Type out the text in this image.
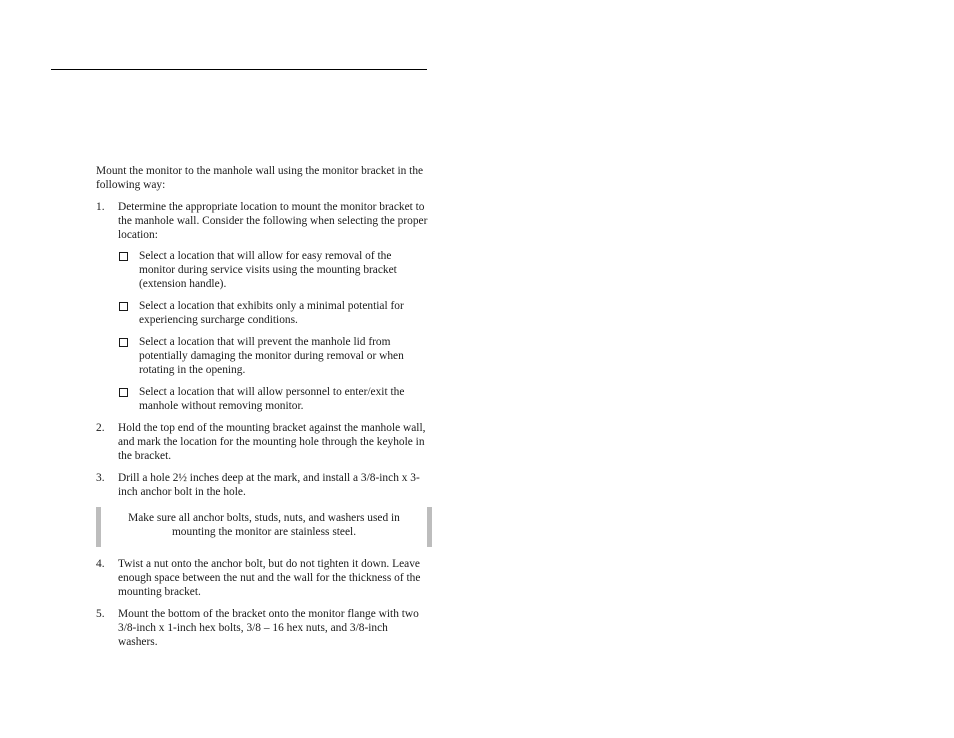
Mount the monitor to the manhole wall using the monitor bracket in the following way:

1. Determine the appropriate location to mount the monitor bracket to the manhole wall. Consider the following when selecting the proper location:
Select a location that will allow for easy removal of the monitor during service visits using the mounting bracket (extension handle).
Select a location that exhibits only a minimal potential for experiencing surcharge conditions.
Select a location that will prevent the manhole lid from potentially damaging the monitor during removal or when rotating in the opening.
Select a location that will allow personnel to enter/exit the manhole without removing monitor.
2. Hold the top end of the mounting bracket against the manhole wall, and mark the location for the mounting hole through the keyhole in the bracket.
3. Drill a hole 2½ inches deep at the mark, and install a 3/8-inch x 3-inch anchor bolt in the hole.
Make sure all anchor bolts, studs, nuts, and washers used in mounting the monitor are stainless steel.
4. Twist a nut onto the anchor bolt, but do not tighten it down. Leave enough space between the nut and the wall for the thickness of the mounting bracket.
5. Mount the bottom of the bracket onto the monitor flange with two 3/8-inch x 1-inch hex bolts, 3/8 – 16 hex nuts, and 3/8-inch washers.
